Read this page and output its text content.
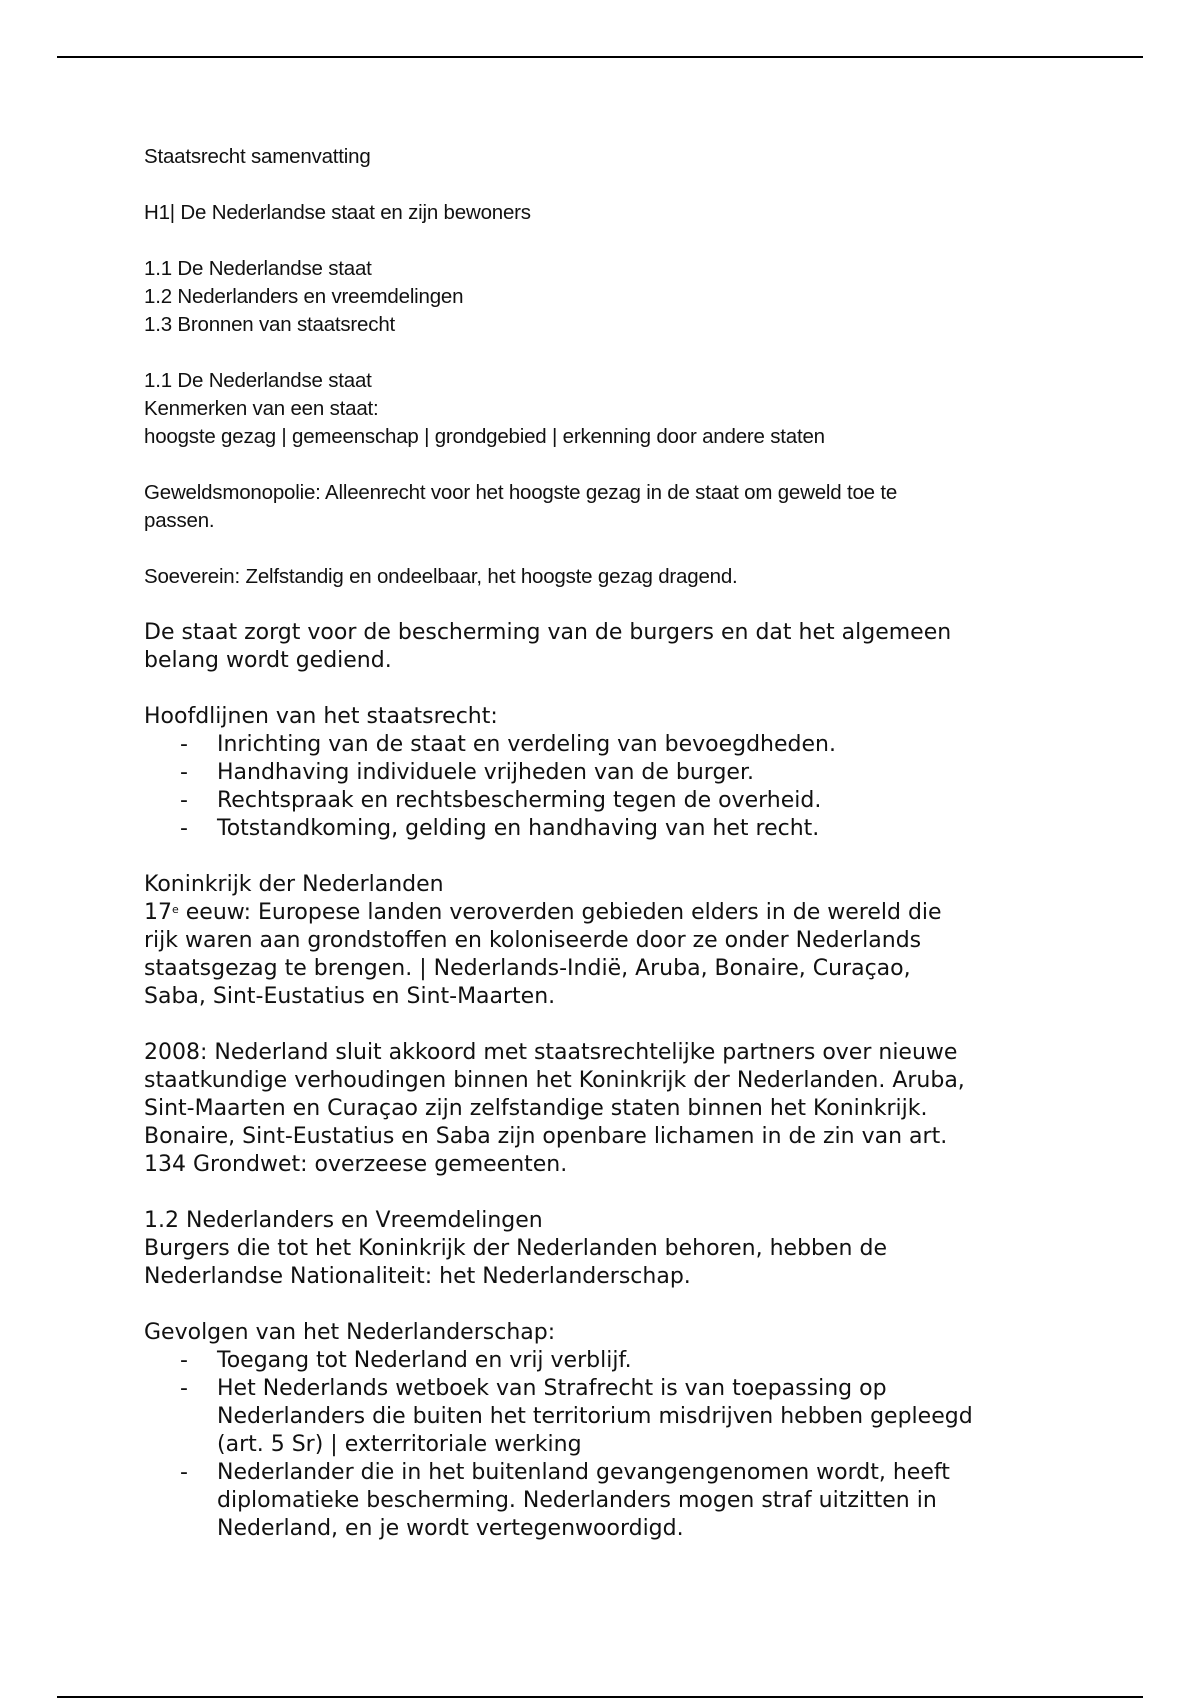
Staatsrecht samenvatting

H1| De Nederlandse staat en zijn bewoners

1.1 De Nederlandse staat

1.2 Nederlanders en vreemdelingen

1.3 Bronnen van staatsrecht

1.1 De Nederlandse staat

Kenmerken van een staat:

hoogste gezag | gemeenschap | grondgebied | erkenning door andere staten

Geweldsmonopolie: Alleenrecht voor het hoogste gezag in de staat om geweld toe te

passen.

Soeverein: Zelfstandig en ondeelbaar, het hoogste gezag dragend.

De staat zorgt voor de bescherming van de burgers en dat het algemeen

belang wordt gediend.

Hoofdlijnen van het staatsrecht:

- Inrichting van de staat en verdeling van bevoegdheden.
- Handhaving individuele vrijheden van de burger.
- Rechtspraak en rechtsbescherming tegen de overheid.
- Totstandkoming, gelding en handhaving van het recht.

Koninkrijk der Nederlanden

17e eeuw: Europese landen veroverden gebieden elders in de wereld die

rijk waren aan grondstoffen en koloniseerde door ze onder Nederlands

staatsgezag te brengen. | Nederlands-Indië, Aruba, Bonaire, Curaçao,

Saba, Sint-Eustatius en Sint-Maarten.

2008: Nederland sluit akkoord met staatsrechtelijke partners over nieuwe

staatkundige verhoudingen binnen het Koninkrijk der Nederlanden. Aruba,

Sint-Maarten en Curaçao zijn zelfstandige staten binnen het Koninkrijk.

Bonaire, Sint-Eustatius en Saba zijn openbare lichamen in de zin van art.

134 Grondwet: overzeese gemeenten.

1.2 Nederlanders en Vreemdelingen

Burgers die tot het Koninkrijk der Nederlanden behoren, hebben de

Nederlandse Nationaliteit: het Nederlanderschap.

Gevolgen van het Nederlanderschap:

- Toegang tot Nederland en vrij verblijf.
- Het Nederlands wetboek van Strafrecht is van toepassing op
Nederlanders die buiten het territorium misdrijven hebben gepleegd
(art. 5 Sr) | exterritoriale werking
- Nederlander die in het buitenland gevangengenomen wordt, heeft
diplomatieke bescherming. Nederlanders mogen straf uitzitten in
Nederland, en je wordt vertegenwoordigd.
